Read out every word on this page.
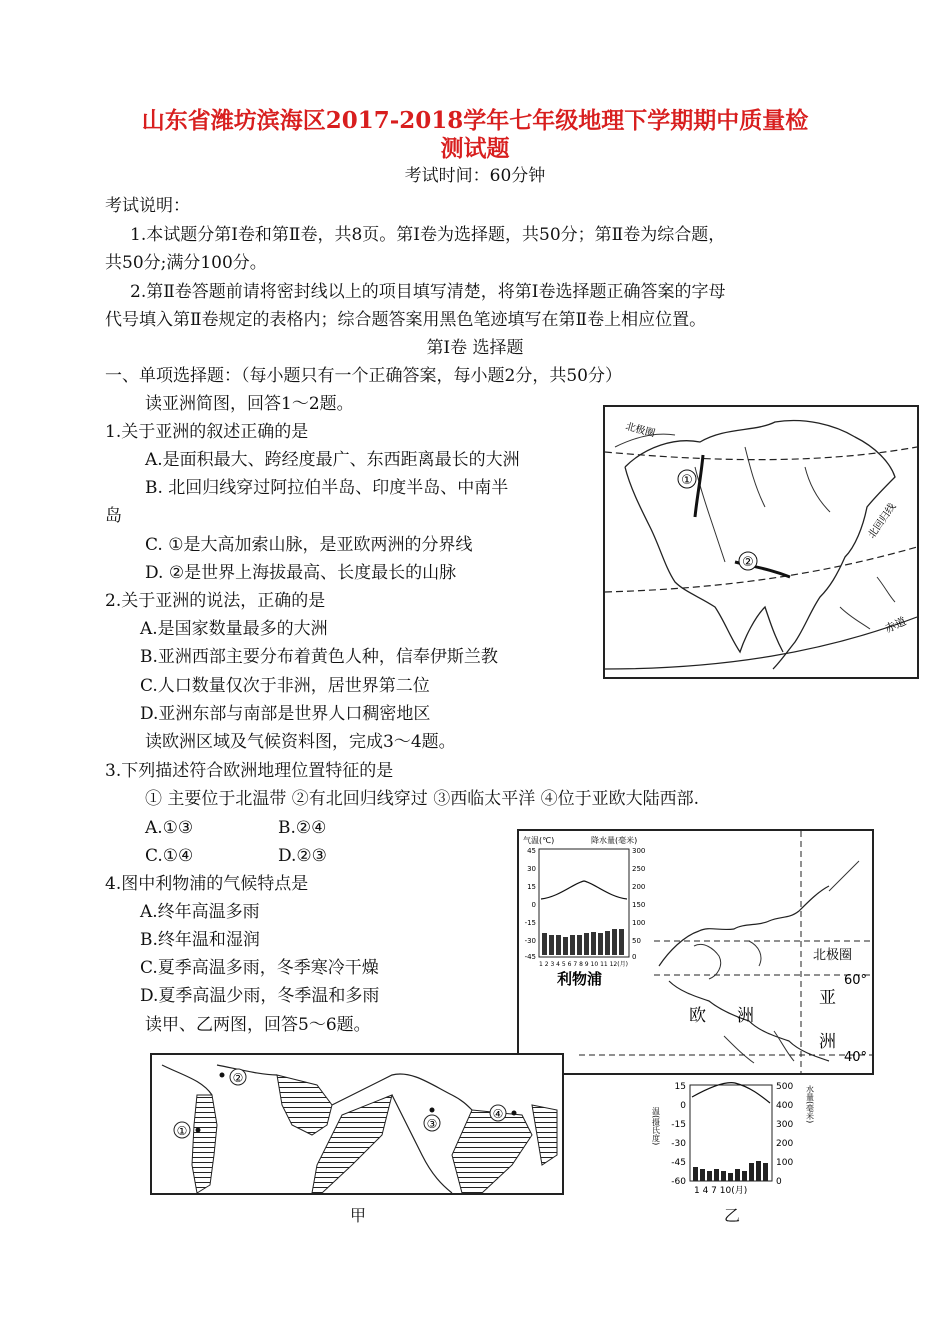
山东省潍坊滨海区2017-2018学年七年级地理下学期期中质量检
测试题
考试时间：60分钟
考试说明：
1.本试题分第Ⅰ卷和第Ⅱ卷，共8页。第Ⅰ卷为选择题，共50分；第Ⅱ卷为综合题，
共50分;满分100分。
2.第Ⅱ卷答题前请将密封线以上的项目填写清楚，将第Ⅰ卷选择题正确答案的字母
代号填入第Ⅱ卷规定的表格内；综合题答案用黑色笔迹填写在第Ⅱ卷上相应位置。
第Ⅰ卷 选择题
一、单项选择题：（每小题只有一个正确答案，每小题2分，共50分）
读亚洲简图，回答1～2题。
1.关于亚洲的叙述正确的是
A.是面积最大、跨经度最广、东西距离最长的大洲
B. 北回归线穿过阿拉伯半岛、印度半岛、中南半
岛
C. ①是大高加索山脉，是亚欧两洲的分界线
D. ②是世界上海拔最高、长度最长的山脉
2.关于亚洲的说法，正确的是
A.是国家数量最多的大洲
B.亚洲西部主要分布着黄色人种，信奉伊斯兰教
C.人口数量仅次于非洲，居世界第二位
D.亚洲东部与南部是世界人口稠密地区
读欧洲区域及气候资料图，完成3～4题。
3.下列描述符合欧洲地理位置特征的是
① 主要位于北温带 ②有北回归线穿过 ③西临太平洋 ④位于亚欧大陆西部.
A.①③	B.②④
C.①④	D.②③
4.图中利物浦的气候特点是
A.终年高温多雨
B.终年温和湿润
C.夏季高温多雨，冬季寒冷干燥
D.夏季高温少雨，冬季温和多雨
读甲、乙两图，回答5～6题。
①
②
北极圈
北回归线
赤道
气温(℃)	降水量(毫米)
45
30
15
0
-15
-30
-45
300
250
200
150
100
50
0
1 2 3 4 5 6 7 8 9 10 11 12(月)
利物浦
北极圈
60°
40°
欧 洲
亚
洲
②
①	③
④
甲
温(摄氏度)
水量(毫米)
15
0
-15
-30
-45
-60
500
400
300
200
100
0
1 4 7 10(月)
乙
